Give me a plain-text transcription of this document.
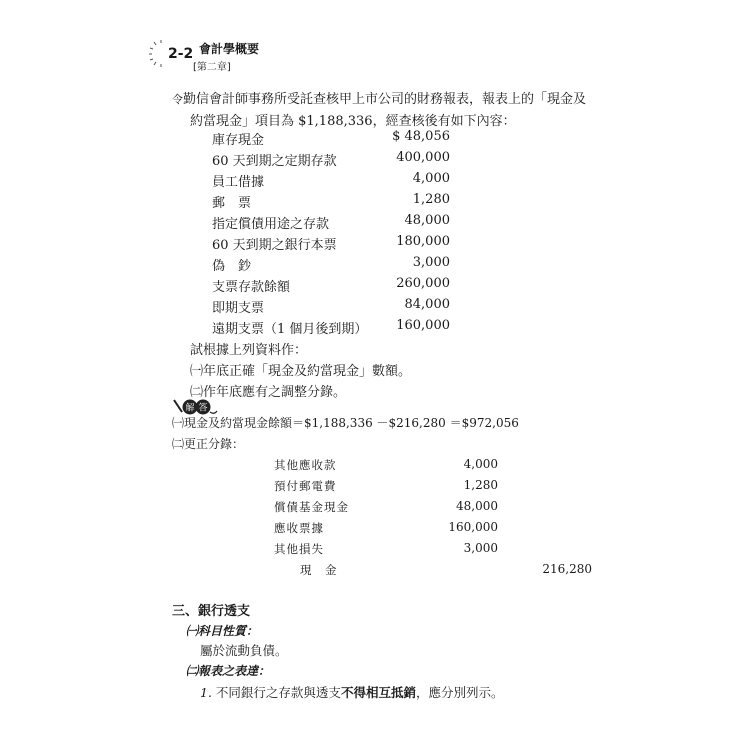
2-2 會計學概要
[第二章]
令勤信會計師事務所受託查核甲上市公司的財務報表，報表上的「現金及
約當現金」項目為 $1,188,336，經查核後有如下內容：
庫存現金	$ 48,056
60 天到期之定期存款	400,000
員工借據	4,000
郵　票	1,280
指定償債用途之存款	48,000
60 天到期之銀行本票	180,000
偽　鈔	3,000
支票存款餘額	260,000
即期支票	84,000
遠期支票（1 個月後到期） 160,000
試根據上列資料作：
㈠年底正確「現金及約當現金」數額。
㈡作年底應有之調整分錄。
解 答
㈠現金及約當現金餘額＝$1,188,336 －$216,280 ＝$972,056
㈡更正分錄：
其他應收款	4,000
預付郵電費	1,280
償債基金現金	48,000
應收票據	160,000
其他損失	3,000
現　金	216,280
三、銀行透支
㈠科目性質：
屬於流動負債。
㈡報表之表達：
1. 不同銀行之存款與透支不得相互抵銷，應分別列示。
